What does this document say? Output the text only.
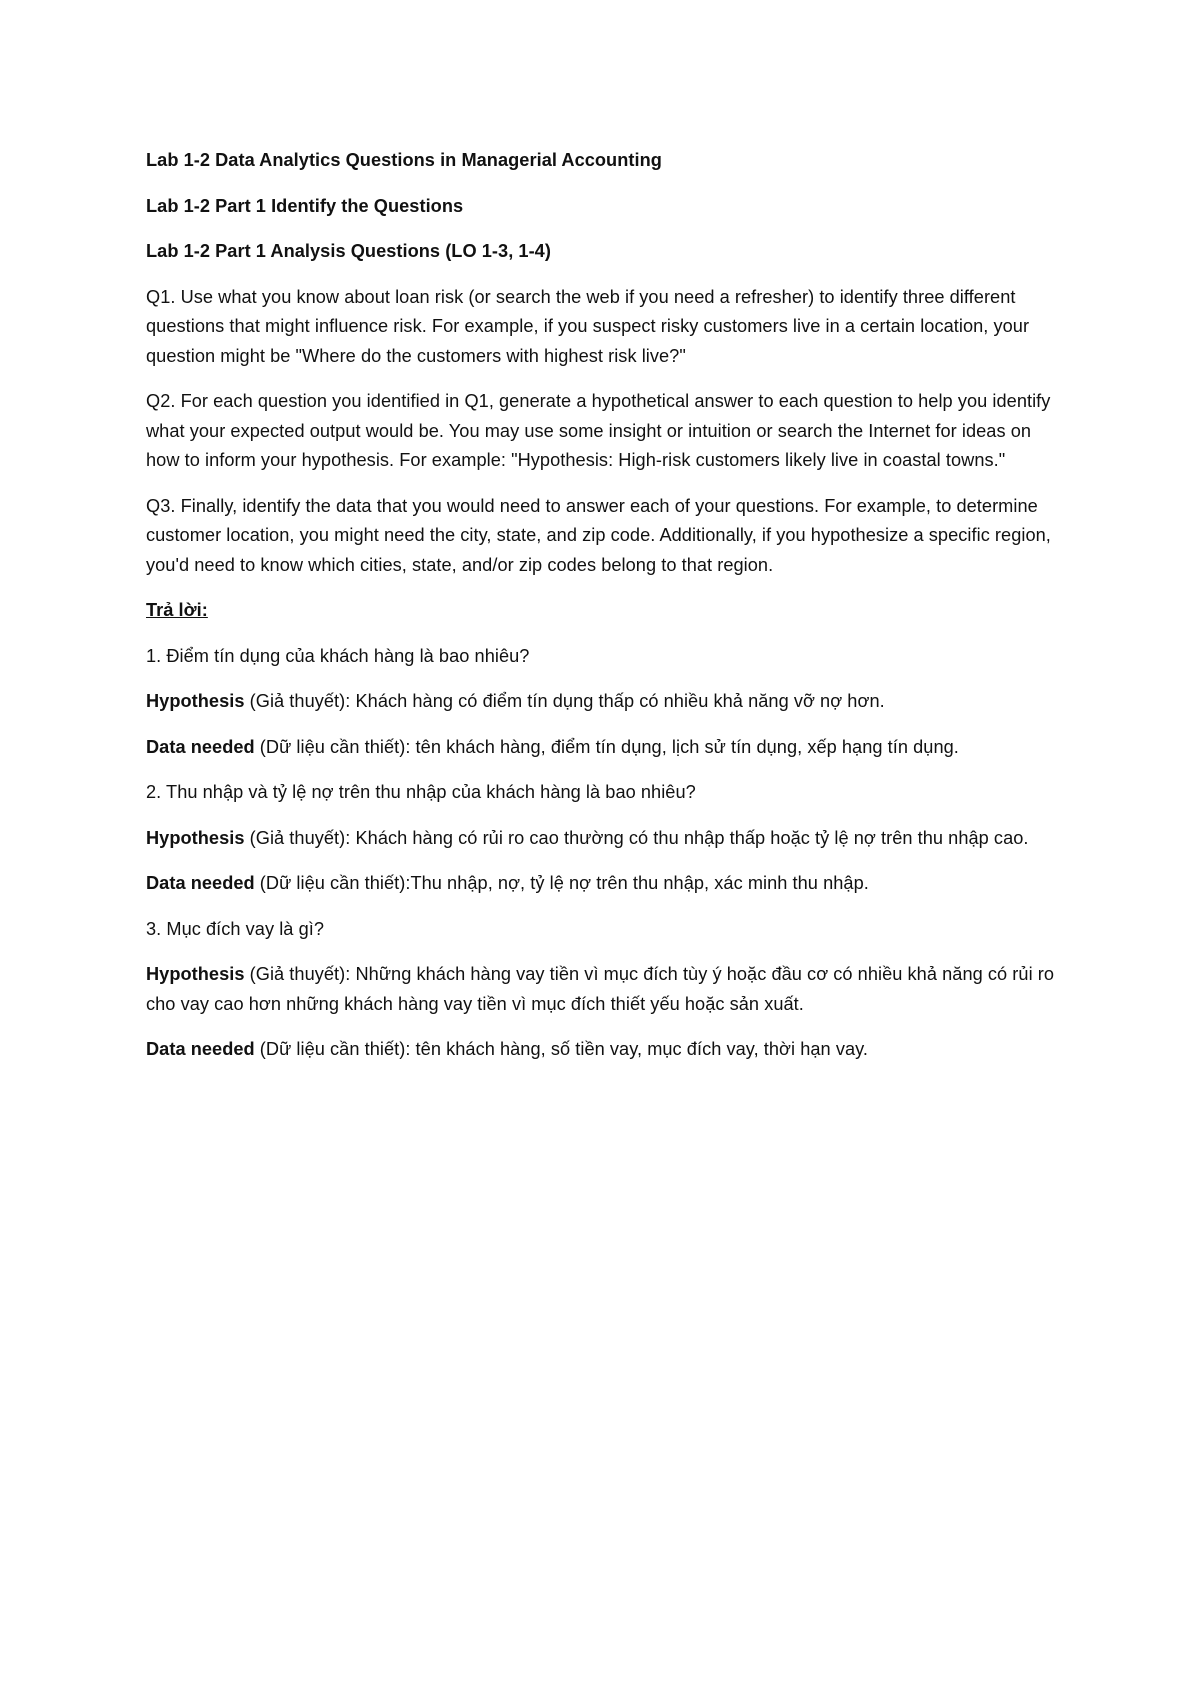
Lab 1-2 Data Analytics Questions in Managerial Accounting

Lab 1-2 Part 1 Identify the Questions

Lab 1-2 Part 1 Analysis Questions (LO 1-3, 1-4)

Q1. Use what you know about loan risk (or search the web if you need a refresher) to identify three different questions that might influence risk. For example, if you suspect risky customers live in a certain location, your question might be "Where do the customers with highest risk live?"

Q2. For each question you identified in Q1, generate a hypothetical answer to each question to help you identify what your expected output would be. You may use some insight or intuition or search the Internet for ideas on how to inform your hypothesis. For example: "Hypothesis: High-risk customers likely live in coastal towns."

Q3. Finally, identify the data that you would need to answer each of your questions. For example, to determine customer location, you might need the city, state, and zip code. Additionally, if you hypothesize a specific region, you'd need to know which cities, state, and/or zip codes belong to that region.

Trả lời:

1. Điểm tín dụng của khách hàng là bao nhiêu?

Hypothesis (Giả thuyết): Khách hàng có điểm tín dụng thấp có nhiều khả năng vỡ nợ hơn.

Data needed (Dữ liệu cần thiết): tên khách hàng, điểm tín dụng, lịch sử tín dụng, xếp hạng tín dụng.

2. Thu nhập và tỷ lệ nợ trên thu nhập của khách hàng là bao nhiêu?

Hypothesis (Giả thuyết): Khách hàng có rủi ro cao thường có thu nhập thấp hoặc tỷ lệ nợ trên thu nhập cao.

Data needed (Dữ liệu cần thiết):Thu nhập, nợ, tỷ lệ nợ trên thu nhập, xác minh thu nhập.

3. Mục đích vay là gì?

Hypothesis (Giả thuyết): Những khách hàng vay tiền vì mục đích tùy ý hoặc đầu cơ có nhiều khả năng có rủi ro cho vay cao hơn những khách hàng vay tiền vì mục đích thiết yếu hoặc sản xuất.

Data needed (Dữ liệu cần thiết): tên khách hàng, số tiền vay, mục đích vay, thời hạn vay.
